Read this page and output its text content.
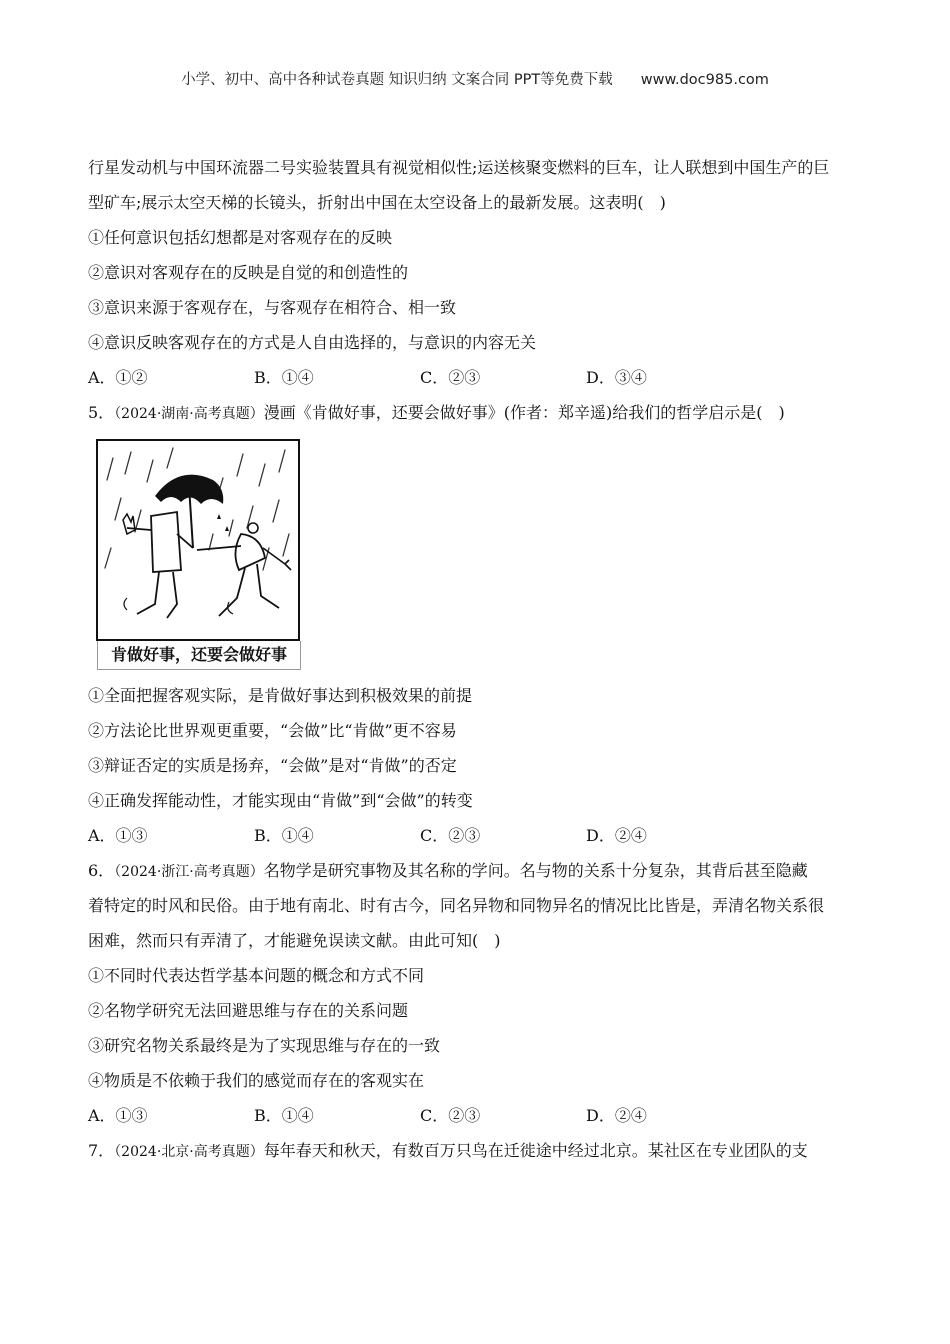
小学、初中、高中各种试卷真题 知识归纳 文案合同 PPT等免费下载 www.doc985.com
行星发动机与中国环流器二号实验装置具有视觉相似性;运送核聚变燃料的巨车，让人联想到中国生产的巨
型矿车;展示太空天梯的长镜头，折射出中国在太空设备上的最新发展。这表明(　)
①任何意识包括幻想都是对客观存在的反映
②意识对客观存在的反映是自觉的和创造性的
③意识来源于客观存在，与客观存在相符合、相一致
④意识反映客观存在的方式是人自由选择的，与意识的内容无关
A．①②	B．①④	C．②③	D．③④
5．（2024·湖南·高考真题）漫画《肯做好事，还要会做好事》(作者：郑辛遥)给我们的哲学启示是(　)
肯做好事，还要会做好事
①全面把握客观实际，是肯做好事达到积极效果的前提
②方法论比世界观更重要，“会做”比“肯做”更不容易
③辩证否定的实质是扬弃，“会做”是对“肯做”的否定
④正确发挥能动性，才能实现由“肯做”到“会做”的转变
A．①③	B．①④	C．②③	D．②④
6．（2024·浙江·高考真题）名物学是研究事物及其名称的学问。名与物的关系十分复杂，其背后甚至隐藏
着特定的时风和民俗。由于地有南北、时有古今，同名异物和同物异名的情况比比皆是，弄清名物关系很
困难，然而只有弄清了，才能避免误读文献。由此可知(　)
①不同时代表达哲学基本问题的概念和方式不同
②名物学研究无法回避思维与存在的关系问题
③研究名物关系最终是为了实现思维与存在的一致
④物质是不依赖于我们的感觉而存在的客观实在
A．①③	B．①④	C．②③	D．②④
7．（2024·北京·高考真题）每年春天和秋天，有数百万只鸟在迁徙途中经过北京。某社区在专业团队的支
